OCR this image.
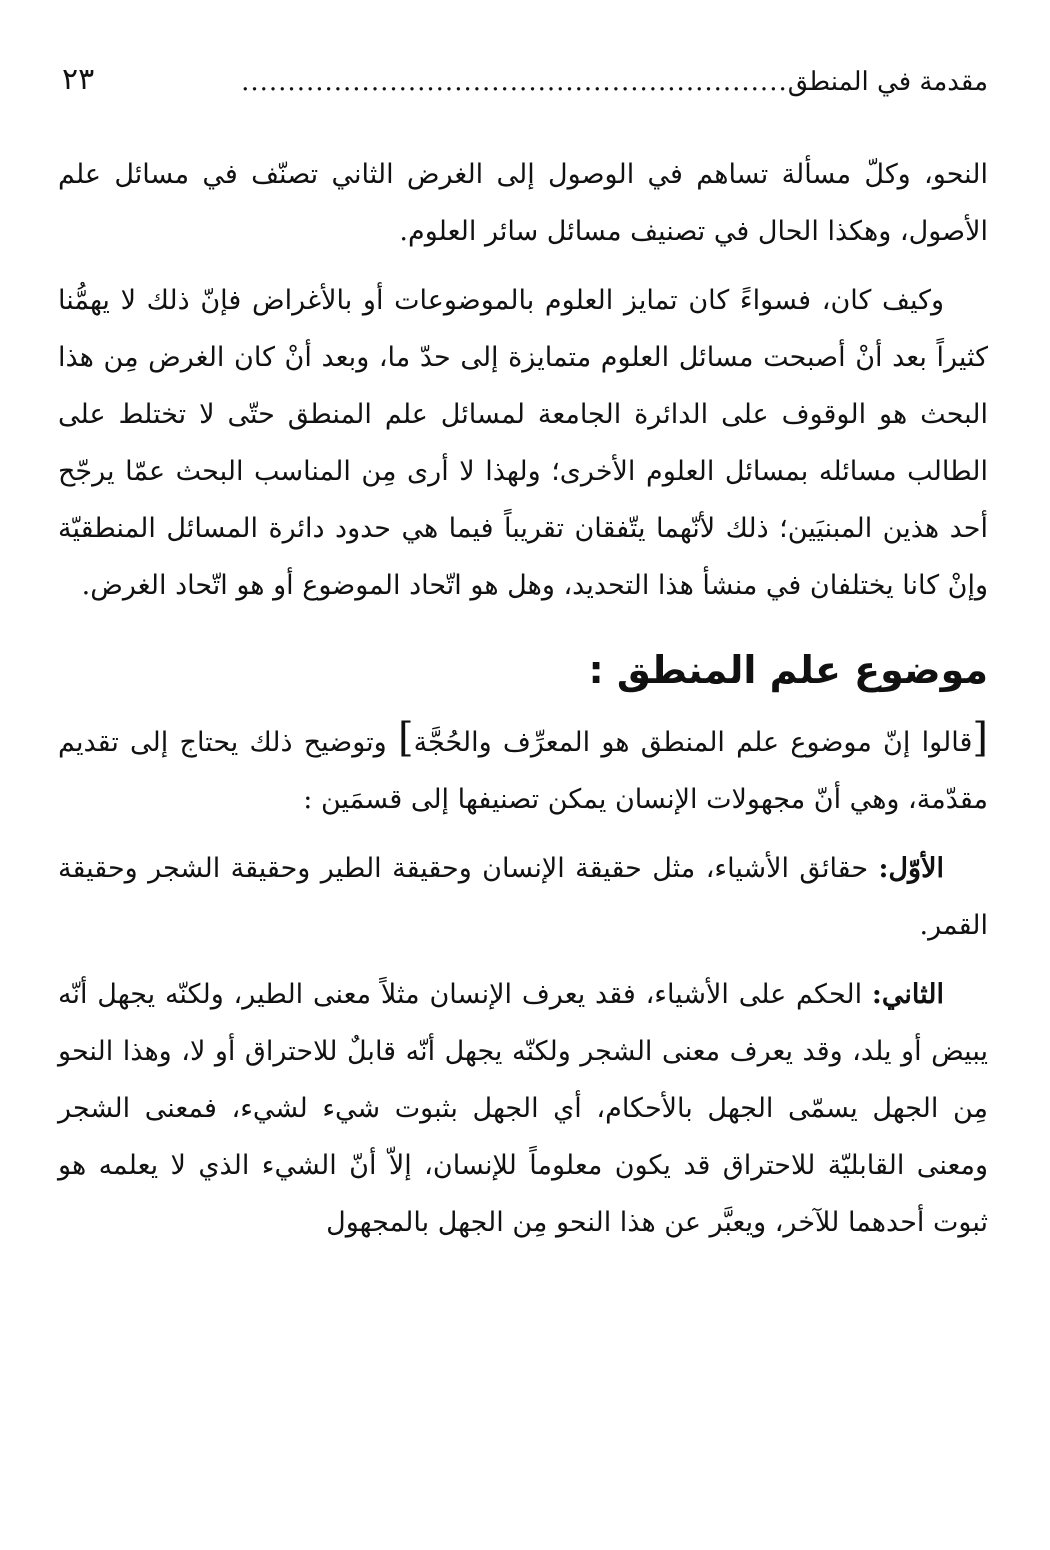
مقدمة في المنطق
...........................................................
٢٣

النحو، وكلّ مسألة تساهم في الوصول إلى الغرض الثاني تصنّف في مسائل علم الأصول، وهكذا الحال في تصنيف مسائل سائر العلوم.

وكيف كان، فسواءً كان تمايز العلوم بالموضوعات أو بالأغراض فإنّ ذلك لا يهمُّنا كثيراً بعد أنْ أصبحت مسائل العلوم متمايزة إلى حدّ ما، وبعد أنْ كان الغرض مِن هذا البحث هو الوقوف على الدائرة الجامعة لمسائل علم المنطق حتّى لا تختلط على الطالب مسائله بمسائل العلوم الأخرى؛ ولهذا لا أرى مِن المناسب البحث عمّا يرجّح أحد هذين المبنيَين؛ ذلك لأنّهما يتّفقان تقريباً فيما هي حدود دائرة المسائل المنطقيّة وإنْ كانا يختلفان في منشأ هذا التحديد، وهل هو اتّحاد الموضوع أو هو اتّحاد الغرض.

موضوع علم المنطق :

[قالوا إنّ موضوع علم المنطق هو المعرِّف والحُجَّة] وتوضيح ذلك يحتاج إلى تقديم مقدّمة، وهي أنّ مجهولات الإنسان يمكن تصنيفها إلى قسمَين :

الأوّل: حقائق الأشياء، مثل حقيقة الإنسان وحقيقة الطير وحقيقة الشجر وحقيقة القمر.

الثاني: الحكم على الأشياء، فقد يعرف الإنسان مثلاً معنى الطير، ولكنّه يجهل أنّه يبيض أو يلد، وقد يعرف معنى الشجر ولكنّه يجهل أنّه قابلٌ للاحتراق أو لا، وهذا النحو مِن الجهل يسمّى الجهل بالأحكام، أي الجهل بثبوت شيء لشيء، فمعنى الشجر ومعنى القابليّة للاحتراق قد يكون معلوماً للإنسان، إلاّ أنّ الشيء الذي لا يعلمه هو ثبوت أحدهما للآخر، ويعبَّر عن هذا النحو مِن الجهل بالمجهول
